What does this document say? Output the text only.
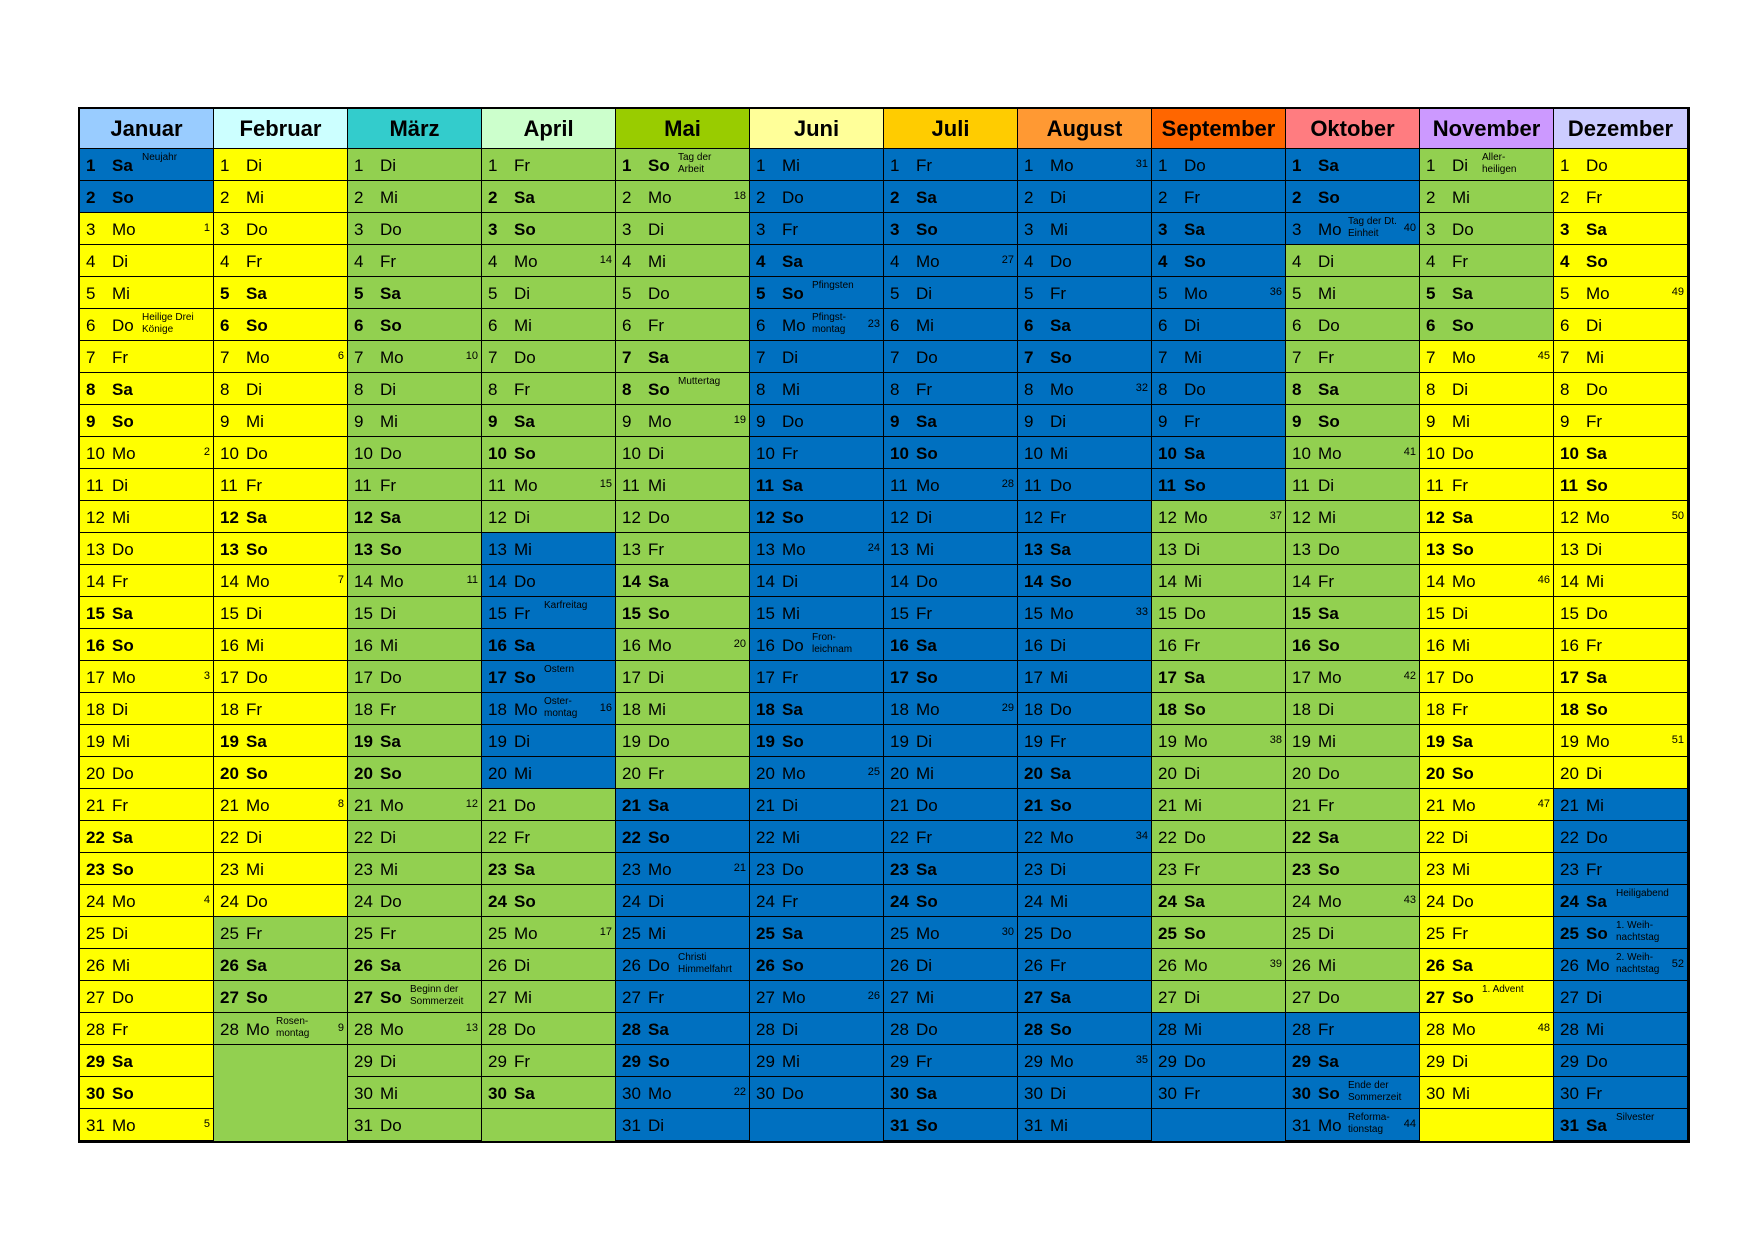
Januar
1 Sa Neujahr
2 So
3 Mo	1
4 Di
5 Mi
6 Do Heilige Drei
Könige
7 Fr
8 Sa
9 So
10 Mo	2
11 Di
12 Mi
13 Do
14 Fr
15 Sa
16 So
17 Mo	3
18 Di
19 Mi
20 Do
21 Fr
22 Sa
23 So
24 Mo	4
25 Di
26 Mi
27 Do
28 Fr
29 Sa
30 So
31 Mo	5
Februar
1 Di
2 Mi
3 Do
4 Fr
5 Sa
6 So
7 Mo	6
8 Di
9 Mi
10 Do
11 Fr
12 Sa
13 So
14 Mo	7
15 Di
16 Mi
17 Do
18 Fr
19 Sa
20 So
21 Mo	8
22 Di
23 Mi
24 Do
25 Fr
26 Sa
27 So
28 Mo Rosen-
montag	9
März
1 Di
2 Mi
3 Do
4 Fr
5 Sa
6 So
7 Mo	10
8 Di
9 Mi
10 Do
11 Fr
12 Sa
13 So
14 Mo	11
15 Di
16 Mi
17 Do
18 Fr
19 Sa
20 So
21 Mo	12
22 Di
23 Mi
24 Do
25 Fr
26 Sa
27 So Beginn der
Sommerzeit
28 Mo	13
29 Di
30 Mi
31 Do
April
1 Fr
2 Sa
3 So
4 Mo	14
5 Di
6 Mi
7 Do
8 Fr
9 Sa
10 So
11 Mo	15
12 Di
13 Mi
14 Do
15 Fr Karfreitag
16 Sa
17 So Ostern
18 Mo Oster-
montag	16
19 Di
20 Mi
21 Do
22 Fr
23 Sa
24 So
25 Mo	17
26 Di
27 Mi
28 Do
29 Fr
30 Sa
Mai
1 So Tag der
Arbeit
2 Mo	18
3 Di
4 Mi
5 Do
6 Fr
7 Sa
8 So Muttertag
9 Mo	19
10 Di
11 Mi
12 Do
13 Fr
14 Sa
15 So
16 Mo	20
17 Di
18 Mi
19 Do
20 Fr
21 Sa
22 So
23 Mo	21
24 Di
25 Mi
26 Do Christi
Himmelfahrt
27 Fr
28 Sa
29 So
30 Mo	22
31 Di
Juni
1 Mi
2 Do
3 Fr
4 Sa
5 So Pfingsten
6 Mo Pfingst-
montag	23
7 Di
8 Mi
9 Do
10 Fr
11 Sa
12 So
13 Mo	24
14 Di
15 Mi
16 Do Fron-
leichnam
17 Fr
18 Sa
19 So
20 Mo	25
21 Di
22 Mi
23 Do
24 Fr
25 Sa
26 So
27 Mo	26
28 Di
29 Mi
30 Do
Juli
1 Fr
2 Sa
3 So
4 Mo	27
5 Di
6 Mi
7 Do
8 Fr
9 Sa
10 So
11 Mo	28
12 Di
13 Mi
14 Do
15 Fr
16 Sa
17 So
18 Mo	29
19 Di
20 Mi
21 Do
22 Fr
23 Sa
24 So
25 Mo	30
26 Di
27 Mi
28 Do
29 Fr
30 Sa
31 So
August
1 Mo	31
2 Di
3 Mi
4 Do
5 Fr
6 Sa
7 So
8 Mo	32
9 Di
10 Mi
11 Do
12 Fr
13 Sa
14 So
15 Mo	33
16 Di
17 Mi
18 Do
19 Fr
20 Sa
21 So
22 Mo	34
23 Di
24 Mi
25 Do
26 Fr
27 Sa
28 So
29 Mo	35
30 Di
31 Mi
September
1 Do
2 Fr
3 Sa
4 So
5 Mo	36
6 Di
7 Mi
8 Do
9 Fr
10 Sa
11 So
12 Mo	37
13 Di
14 Mi
15 Do
16 Fr
17 Sa
18 So
19 Mo	38
20 Di
21 Mi
22 Do
23 Fr
24 Sa
25 So
26 Mo	39
27 Di
28 Mi
29 Do
30 Fr
Oktober
1 Sa
2 So
3 Mo Tag der Dt.
Einheit	40
4 Di
5 Mi
6 Do
7 Fr
8 Sa
9 So
10 Mo	41
11 Di
12 Mi
13 Do
14 Fr
15 Sa
16 So
17 Mo	42
18 Di
19 Mi
20 Do
21 Fr
22 Sa
23 So
24 Mo	43
25 Di
26 Mi
27 Do
28 Fr
29 Sa
30 So Ende der
Sommerzeit
31 Mo Reforma-
tionstag	44
November
1 Di Aller-
heiligen
2 Mi
3 Do
4 Fr
5 Sa
6 So
7 Mo	45
8 Di
9 Mi
10 Do
11 Fr
12 Sa
13 So
14 Mo	46
15 Di
16 Mi
17 Do
18 Fr
19 Sa
20 So
21 Mo	47
22 Di
23 Mi
24 Do
25 Fr
26 Sa
27 So 1. Advent
28 Mo	48
29 Di
30 Mi
Dezember
1 Do
2 Fr
3 Sa
4 So
5 Mo	49
6 Di
7 Mi
8 Do
9 Fr
10 Sa
11 So
12 Mo	50
13 Di
14 Mi
15 Do
16 Fr
17 Sa
18 So
19 Mo	51
20 Di
21 Mi
22 Do
23 Fr
24 Sa Heiligabend
25 So 1. Weih-
nachtstag
26 Mo 2. Weih-
nachtstag	52
27 Di
28 Mi
29 Do
30 Fr
31 Sa Silvester
